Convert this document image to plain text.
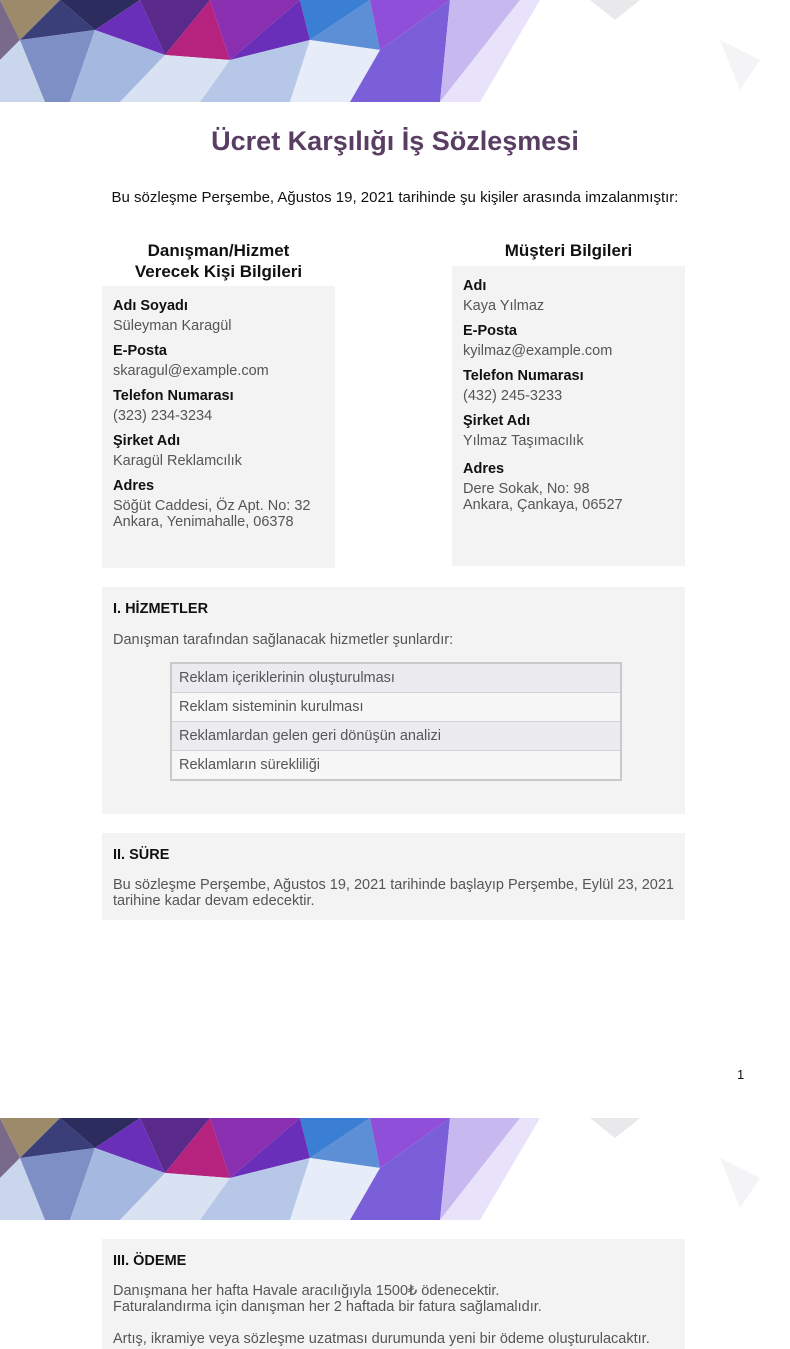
Ücret Karşılığı İş Sözleşmesi
Bu sözleşme Perşembe, Ağustos 19, 2021 tarihinde şu kişiler arasında imzalanmıştır:
Danışman/Hizmet
Verecek Kişi Bilgileri
Adı Soyadı
Süleyman Karagül
E-Posta
skaragul@example.com
Telefon Numarası
(323) 234-3234
Şirket Adı
Karagül Reklamcılık
Adres
Söğüt Caddesi, Öz Apt. No: 32
Ankara, Yenimahalle, 06378
Müşteri Bilgileri
Adı
Kaya Yılmaz
E-Posta
kyilmaz@example.com
Telefon Numarası
(432) 245-3233
Şirket Adı
Yılmaz Taşımacılık
Adres
Dere Sokak, No: 98
Ankara, Çankaya, 06527
I. HİZMETLER
Danışman tarafından sağlanacak hizmetler şunlardır:
Reklam içeriklerinin oluşturulması
Reklam sisteminin kurulması
Reklamlardan gelen geri dönüşün analizi
Reklamların sürekliliği
II. SÜRE
Bu sözleşme Perşembe, Ağustos 19, 2021 tarihinde başlayıp Perşembe, Eylül 23, 2021 tarihine kadar devam edecektir.
1
III. ÖDEME
Danışmana her hafta Havale aracılığıyla 1500₺ ödenecektir.
Faturalandırma için danışman her 2 haftada bir fatura sağlamalıdır.
Artış, ikramiye veya sözleşme uzatması durumunda yeni bir ödeme oluşturulacaktır.
